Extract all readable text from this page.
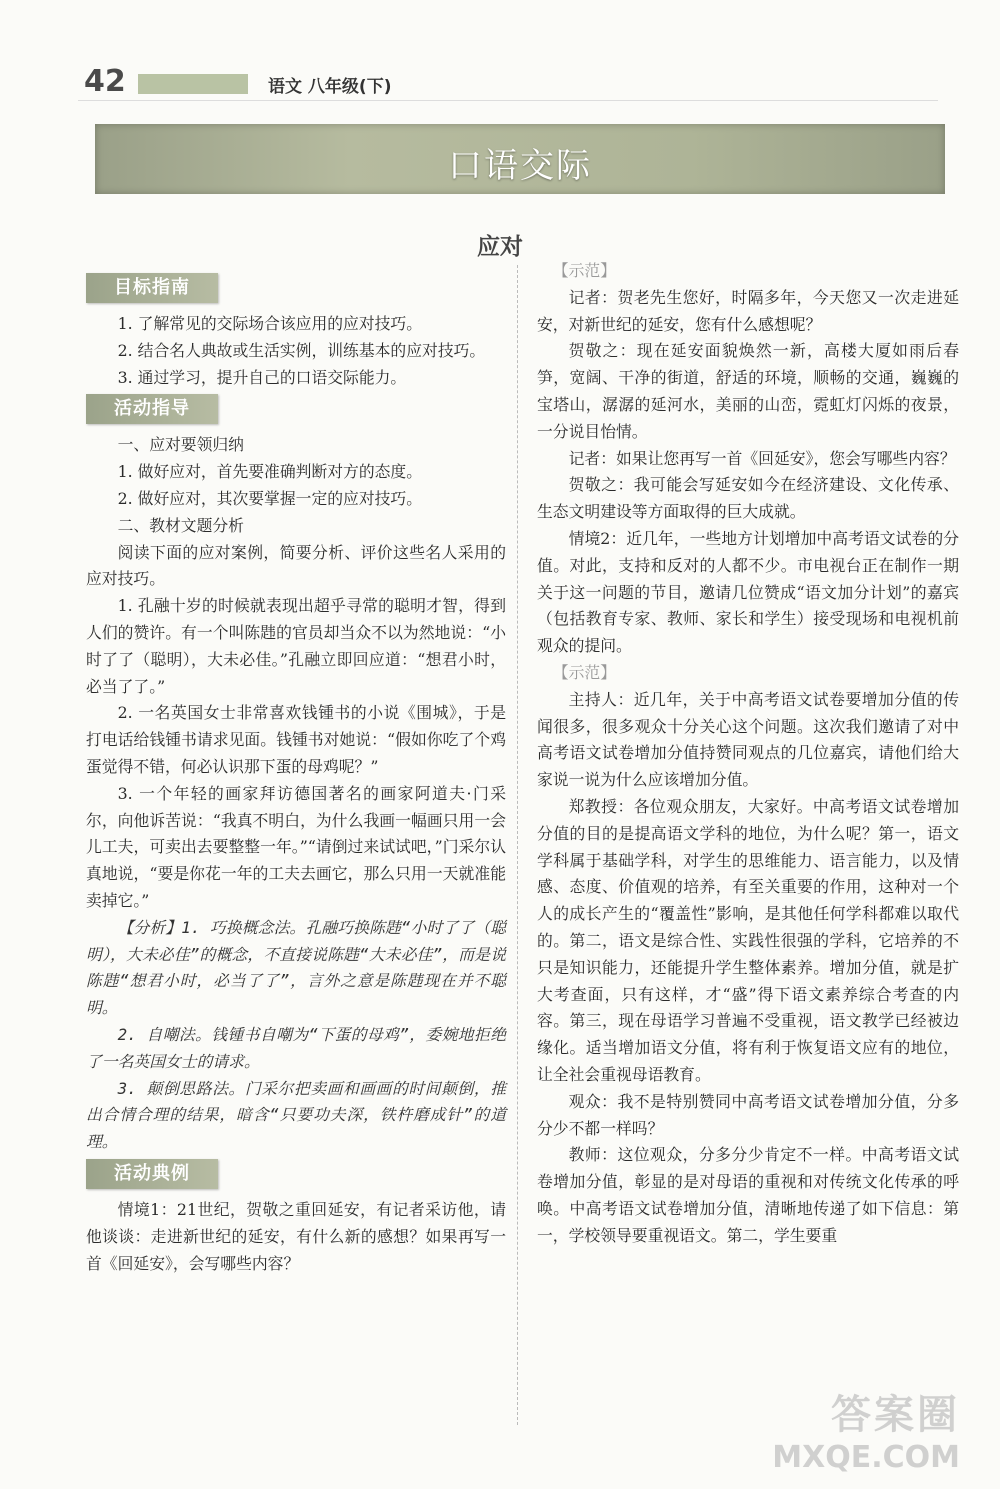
42	语文 八年级(下)
口语交际
应对
目标指南

1. 了解常见的交际场合该应用的应对技巧。

2. 结合名人典故或生活实例，训练基本的应对技巧。

3. 通过学习，提升自己的口语交际能力。

活动指导

一、应对要领归纳

1. 做好应对，首先要准确判断对方的态度。

2. 做好应对，其次要掌握一定的应对技巧。

二、教材文题分析

阅读下面的应对案例，简要分析、评价这些名人采用的应对技巧。

1. 孔融十岁的时候就表现出超乎寻常的聪明才智，得到人们的赞许。有一个叫陈韪的官员却当众不以为然地说：“小时了了（聪明），大未必佳。”孔融立即回应道：“想君小时，必当了了。”

2. 一名英国女士非常喜欢钱锺书的小说《围城》，于是打电话给钱锺书请求见面。钱锺书对她说：“假如你吃了个鸡蛋觉得不错，何必认识那下蛋的母鸡呢？”

3. 一个年轻的画家拜访德国著名的画家阿道夫·门采尔，向他诉苦说：“我真不明白，为什么我画一幅画只用一会儿工夫，可卖出去要整整一年。”“请倒过来试试吧，”门采尔认真地说，“要是你花一年的工夫去画它，那么只用一天就准能卖掉它。”

【分析】1. 巧换概念法。孔融巧换陈韪“小时了了（聪明），大未必佳”的概念，不直接说陈韪“大未必佳”，而是说陈韪“想君小时，必当了了”，言外之意是陈韪现在并不聪明。

2. 自嘲法。钱锺书自嘲为“下蛋的母鸡”，委婉地拒绝了一名英国女士的请求。

3. 颠倒思路法。门采尔把卖画和画画的时间颠倒，推出合情合理的结果，暗含“只要功夫深，铁杵磨成针”的道理。

活动典例

情境1：21世纪，贺敬之重回延安，有记者采访他，请他谈谈：走进新世纪的延安，有什么新的感想？如果再写一首《回延安》，会写哪些内容？

【示范】

记者：贺老先生您好，时隔多年，今天您又一次走进延安，对新世纪的延安，您有什么感想呢？

贺敬之：现在延安面貌焕然一新，高楼大厦如雨后春笋，宽阔、干净的街道，舒适的环境，顺畅的交通，巍巍的宝塔山，潺潺的延河水，美丽的山峦，霓虹灯闪烁的夜景，一分说目怡情。

记者：如果让您再写一首《回延安》，您会写哪些内容？

贺敬之：我可能会写延安如今在经济建设、文化传承、生态文明建设等方面取得的巨大成就。

情境2：近几年，一些地方计划增加中高考语文试卷的分值。对此，支持和反对的人都不少。市电视台正在制作一期关于这一问题的节目，邀请几位赞成“语文加分计划”的嘉宾（包括教育专家、教师、家长和学生）接受现场和电视机前观众的提问。

【示范】

主持人：近几年，关于中高考语文试卷要增加分值的传闻很多，很多观众十分关心这个问题。这次我们邀请了对中高考语文试卷增加分值持赞同观点的几位嘉宾，请他们给大家说一说为什么应该增加分值。

郑教授：各位观众朋友，大家好。中高考语文试卷增加分值的目的是提高语文学科的地位，为什么呢？第一，语文学科属于基础学科，对学生的思维能力、语言能力，以及情感、态度、价值观的培养，有至关重要的作用，这种对一个人的成长产生的“覆盖性”影响，是其他任何学科都难以取代的。第二，语文是综合性、实践性很强的学科，它培养的不只是知识能力，还能提升学生整体素养。增加分值，就是扩大考查面，只有这样，才“盛”得下语文素养综合考查的内容。第三，现在母语学习普遍不受重视，语文教学已经被边缘化。适当增加语文分值，将有利于恢复语文应有的地位，让全社会重视母语教育。

观众：我不是特别赞同中高考语文试卷增加分值，分多分少不都一样吗？

教师：这位观众，分多分少肯定不一样。中高考语文试卷增加分值，彰显的是对母语的重视和对传统文化传承的呼唤。中高考语文试卷增加分值，清晰地传递了如下信息：第一，学校领导要重视语文。第二，学生要重

答案圈
MXQE.COM
